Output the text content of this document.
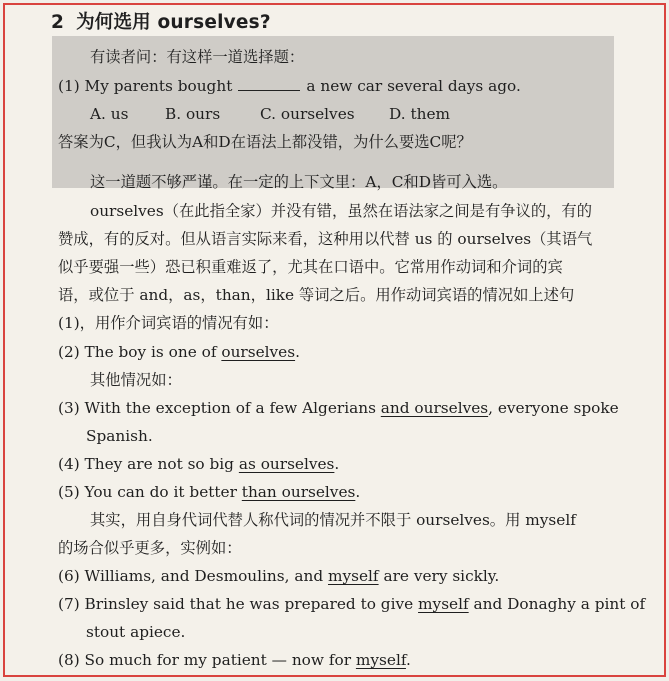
2 为何选用 ourselves?
有读者问：有这样一道选择题：
(1) My parents bought	a new car several days ago.
A. us B. ours	C. ourselves D. them
答案为C，但我认为A和D在语法上都没错，为什么要选C呢？
这一道题不够严谨。在一定的上下文里：A，C和D皆可入选。
ourselves（在此指全家）并没有错，虽然在语法家之间是有争议的，有的
赞成，有的反对。但从语言实际来看，这种用以代替 us 的 ourselves（其语气
似乎要强一些）恐已积重难返了，尤其在口语中。它常用作动词和介词的宾
语，或位于 and，as，than，like 等词之后。用作动词宾语的情况如上述句
(1)，用作介词宾语的情况有如：
(2) The boy is one of ourselves.
其他情况如：
(3) With the exception of a few Algerians and ourselves, everyone spoke
Spanish.
(4) They are not so big as ourselves.
(5) You can do it better than ourselves.
其实，用自身代词代替人称代词的情况并不限于 ourselves。用 myself
的场合似乎更多，实例如：
(6) Williams, and Desmoulins, and myself are very sickly.
(7) Brinsley said that he was prepared to give myself and Donaghy a pint of
stout apiece.
(8) So much for my patient — now for myself.
